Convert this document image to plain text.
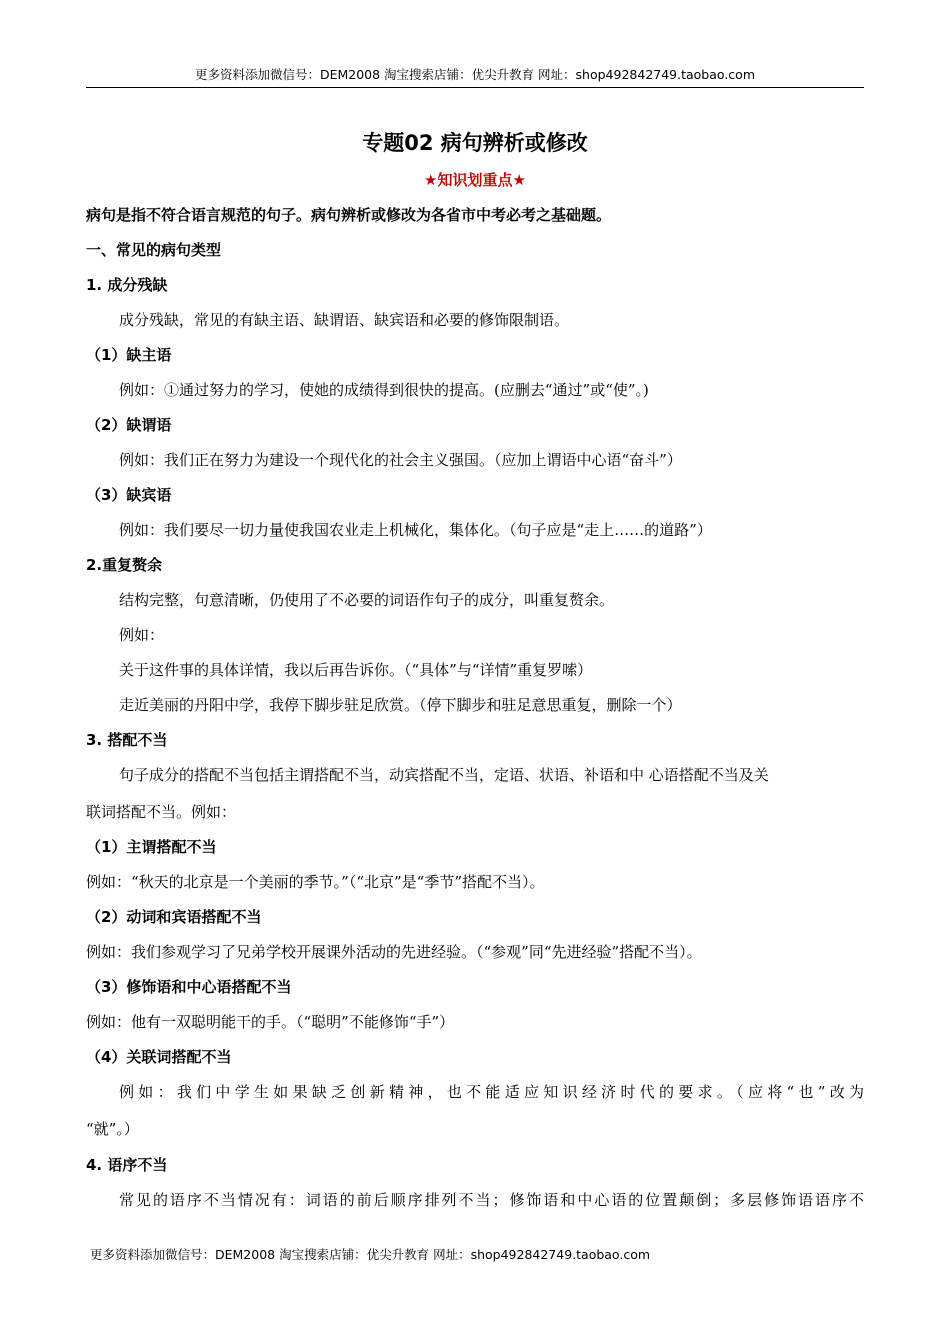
更多资料添加微信号：DEM2008 淘宝搜索店铺：优尖升教育 网址：shop492842749.taobao.com
专题02 病句辨析或修改
★知识划重点★
病句是指不符合语言规范的句子。病句辨析或修改为各省市中考必考之基础题。
一、常见的病句类型
1. 成分残缺
成分残缺，常见的有缺主语、缺谓语、缺宾语和必要的修饰限制语。
（1）缺主语
例如：①通过努力的学习，使她的成绩得到很快的提高。(应删去“通过”或“使”。)
（2）缺谓语
例如：我们正在努力为建设一个现代化的社会主义强国。（应加上谓语中心语“奋斗”）
（3）缺宾语
例如：我们要尽一切力量使我国农业走上机械化，集体化。（句子应是“走上……的道路”）
2.重复赘余
结构完整，句意清晰，仍使用了不必要的词语作句子的成分，叫重复赘余。
例如：
关于这件事的具体详情，我以后再告诉你。（“具体”与“详情”重复罗嗦）
走近美丽的丹阳中学，我停下脚步驻足欣赏。（停下脚步和驻足意思重复，删除一个）
3. 搭配不当
句子成分的搭配不当包括主谓搭配不当，动宾搭配不当，定语、状语、补语和中 心语搭配不当及关
联词搭配不当。例如：
（1）主谓搭配不当
例如：“秋天的北京是一个美丽的季节。”（“北京”是“季节”搭配不当）。
（2）动词和宾语搭配不当
例如：我们参观学习了兄弟学校开展课外活动的先进经验。（“参观”同“先进经验”搭配不当）。
（3）修饰语和中心语搭配不当
例如：他有一双聪明能干的手。（“聪明”不能修饰“手”）
（4）关联词搭配不当
例如：我们中学生如果缺乏创新精神，也不能适应知识经济时代的要求。（应将“也”改为
“就”。）
4. 语序不当
常见的语序不当情况有：词语的前后顺序排列不当；修饰语和中心语的位置颠倒；多层修饰语语序不
更多资料添加微信号：DEM2008 淘宝搜索店铺：优尖升教育 网址：shop492842749.taobao.com
